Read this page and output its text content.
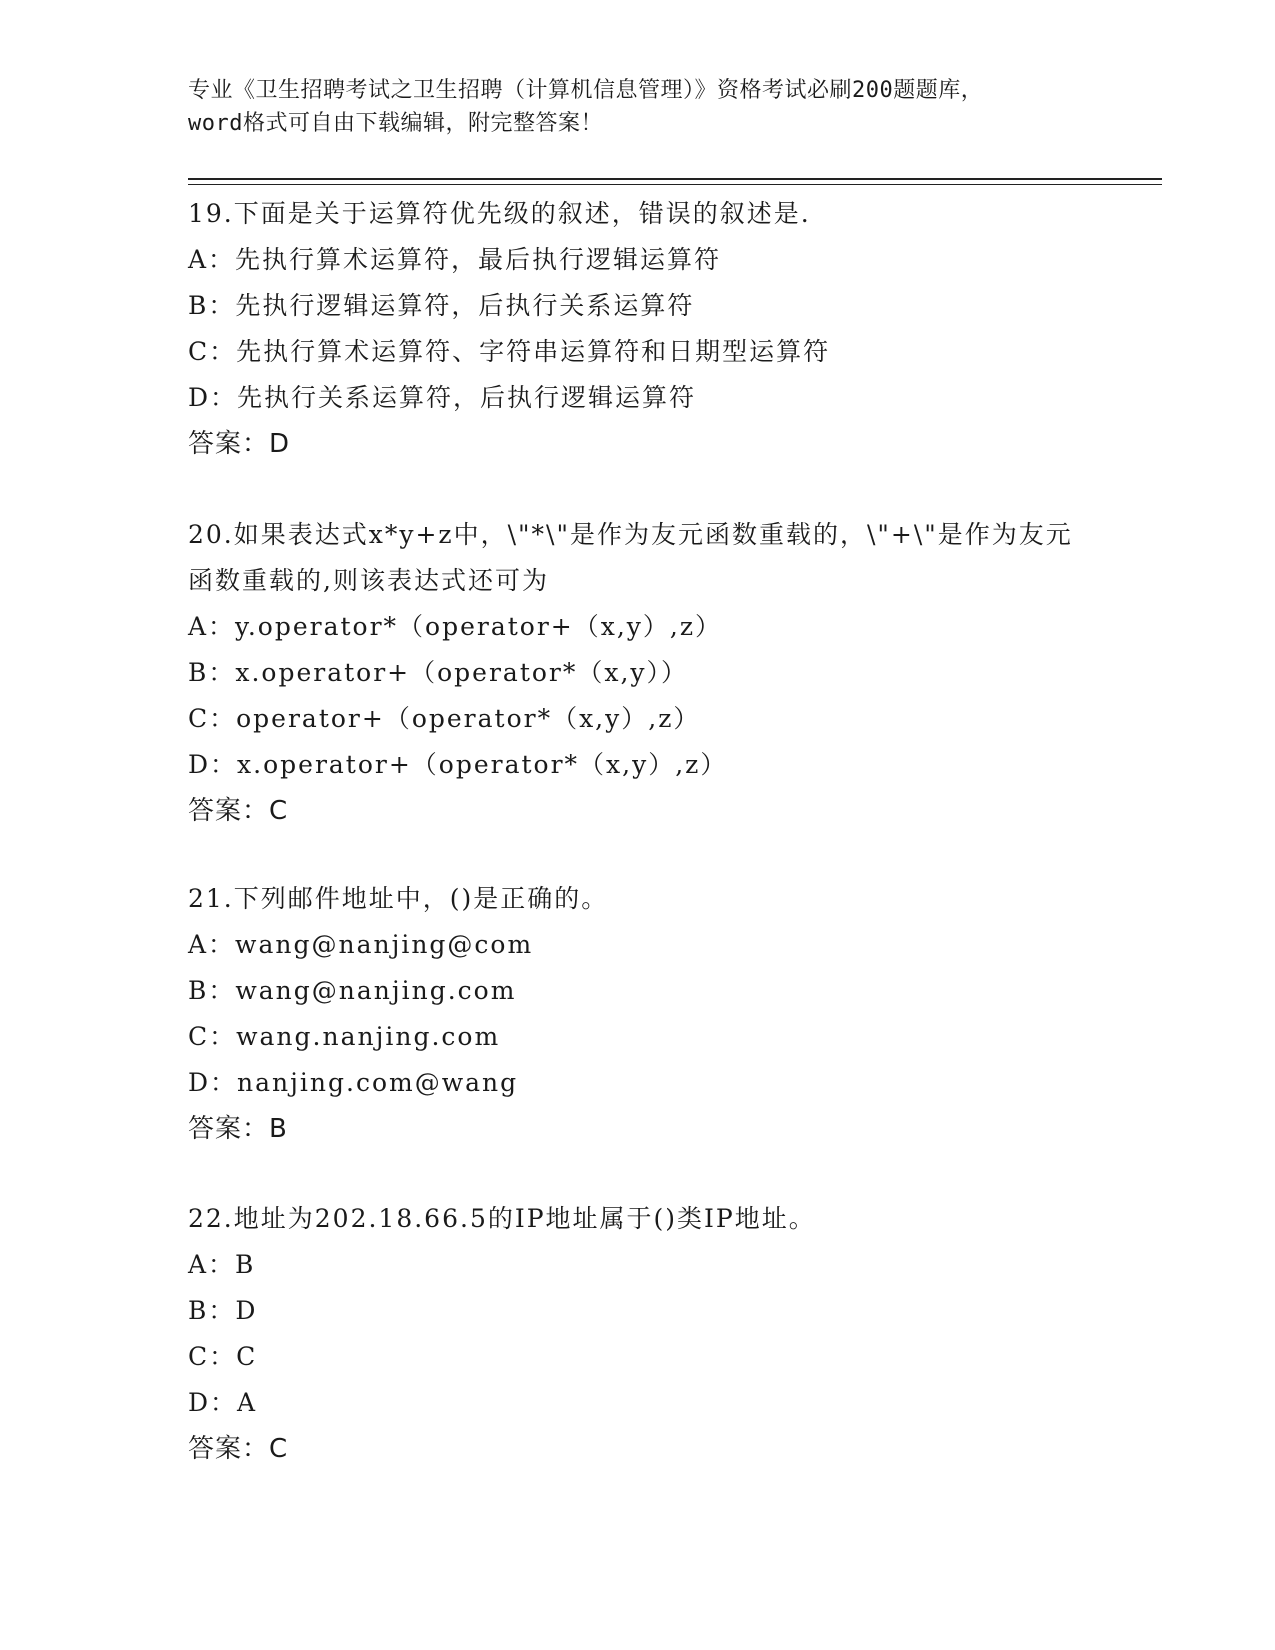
专业《卫生招聘考试之卫生招聘（计算机信息管理）》资格考试必刷200题题库，
word格式可自由下载编辑，附完整答案！
19.下面是关于运算符优先级的叙述，错误的叙述是.
A：先执行算术运算符，最后执行逻辑运算符
B：先执行逻辑运算符，后执行关系运算符
C：先执行算术运算符、字符串运算符和日期型运算符
D：先执行关系运算符，后执行逻辑运算符
答案：D
20.如果表达式x*y+z中，\"*\"是作为友元函数重载的，\"+\"是作为友元函数重载的,则该表达式还可为
A：y.operator*（operator+（x,y）,z）
B：x.operator+（operator*（x,y））
C：operator+（operator*（x,y）,z）
D：x.operator+（operator*（x,y）,z）
答案：C
21.下列邮件地址中，()是正确的。
A：wang@nanjing@com
B：wang@nanjing.com
C：wang.nanjing.com
D：nanjing.com@wang
答案：B
22.地址为202.18.66.5的IP地址属于()类IP地址。
A：B
B：D
C：C
D：A
答案：C
